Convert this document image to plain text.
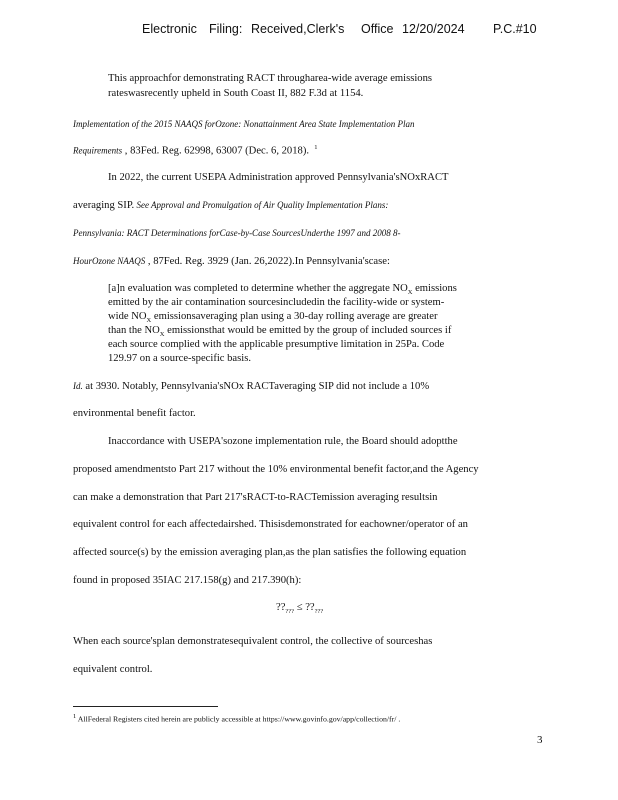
Electronic Filing: Received,Clerk's Office 12/20/2024 P.C.#10
This approachfor demonstrating RACT througharea-wide average emissions
rateswasrecently upheld in South Coast II, 882 F.3d at 1154.
Implementation of the 2015 NAAQS forOzone: Nonattainment Area State Implementation Plan
Requirements , 83Fed. Reg. 62998, 63007 (Dec. 6, 2018). $^1$
In 2022, the current USEPA Administration approved Pennsylvania'sNOxRACT
averaging SIP. See Approval and Promulgation of Air Quality Implementation Plans:
Pennsylvania: RACT Determinations forCase-by-Case SourcesUnderthe 1997 and 2008 8-
HourOzone NAAQS , 87Fed. Reg. 3929 (Jan. 26,2022).In Pennsylvania'scase:
[a]n evaluation was completed to determine whether the aggregate $NO_X$ emissions
emitted by the air contamination sourcesincludedin the facility-wide or system-
wide $NO_X$ emissionsaveraging plan using a 30-day rolling average are greater
than the $NO_X$ emissionsthat would be emitted by the group of included sources if
each source complied with the applicable presumptive limitation in 25Pa. Code
129.97 on a source-specific basis.
Id. at 3930. Notably, Pennsylvania'sNOx RACTaveraging SIP did not include a 10%
environmental benefit factor.
Inaccordance with USEPA'sozone implementation rule, the Board should adoptthe
proposed amendmentsto Part 217 without the 10% environmental benefit factor,and the Agency
can make a demonstration that Part 217'sRACT-to-RACTemission averaging resultsin
equivalent control for each affectedairshed. Thisisdemonstrated for eachowner/operator of an
affected source(s) by the emission averaging plan,as the plan satisfies the following equation
found in proposed 35IAC 217.158(g) and 217.390(h):
$??_{???}$ ≤ $??_{???}$
When each source'splan demonstratesequivalent control, the collective of sourceshas
equivalent control.
$^1$ AllFederal Registers cited herein are publicly accessible at https://www.govinfo.gov/app/collection/fr/ .
3
